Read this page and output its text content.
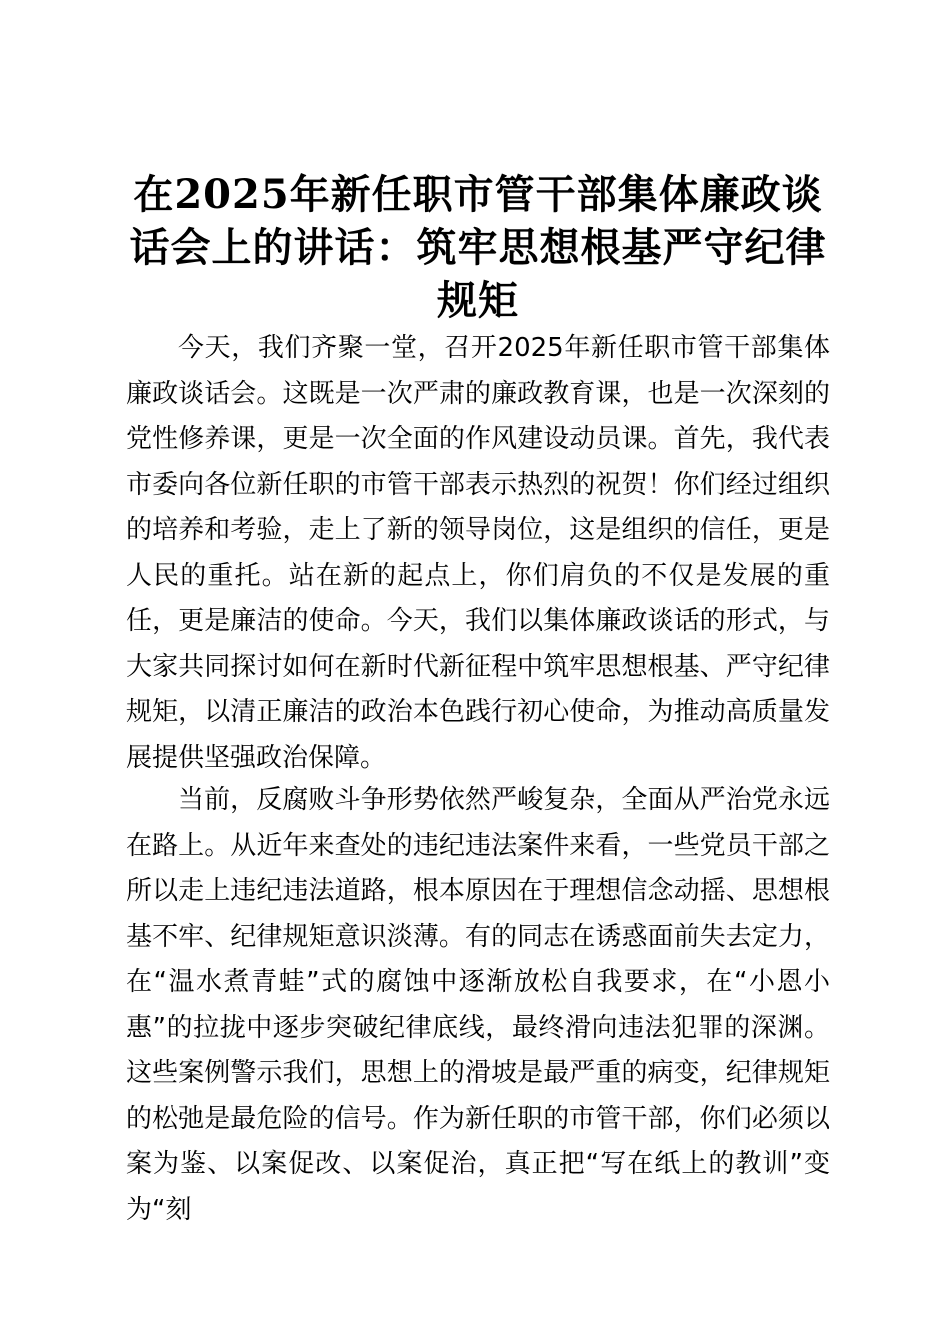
在2025年新任职市管干部集体廉政谈话会上的讲话：筑牢思想根基严守纪律规矩

今天，我们齐聚一堂，召开2025年新任职市管干部集体廉政谈话会。这既是一次严肃的廉政教育课，也是一次深刻的党性修养课，更是一次全面的作风建设动员课。首先，我代表市委向各位新任职的市管干部表示热烈的祝贺！你们经过组织的培养和考验，走上了新的领导岗位，这是组织的信任，更是人民的重托。站在新的起点上，你们肩负的不仅是发展的重任，更是廉洁的使命。今天，我们以集体廉政谈话的形式，与大家共同探讨如何在新时代新征程中筑牢思想根基、严守纪律规矩，以清正廉洁的政治本色践行初心使命，为推动高质量发展提供坚强政治保障。

当前，反腐败斗争形势依然严峻复杂，全面从严治党永远在路上。从近年来查处的违纪违法案件来看，一些党员干部之所以走上违纪违法道路，根本原因在于理想信念动摇、思想根基不牢、纪律规矩意识淡薄。有的同志在诱惑面前失去定力，在“温水煮青蛙”式的腐蚀中逐渐放松自我要求，在“小恩小惠”的拉拢中逐步突破纪律底线，最终滑向违法犯罪的深渊。这些案例警示我们，思想上的滑坡是最严重的病变，纪律规矩的松弛是最危险的信号。作为新任职的市管干部，你们必须以案为鉴、以案促改、以案促治，真正把“写在纸上的教训”变为“刻
